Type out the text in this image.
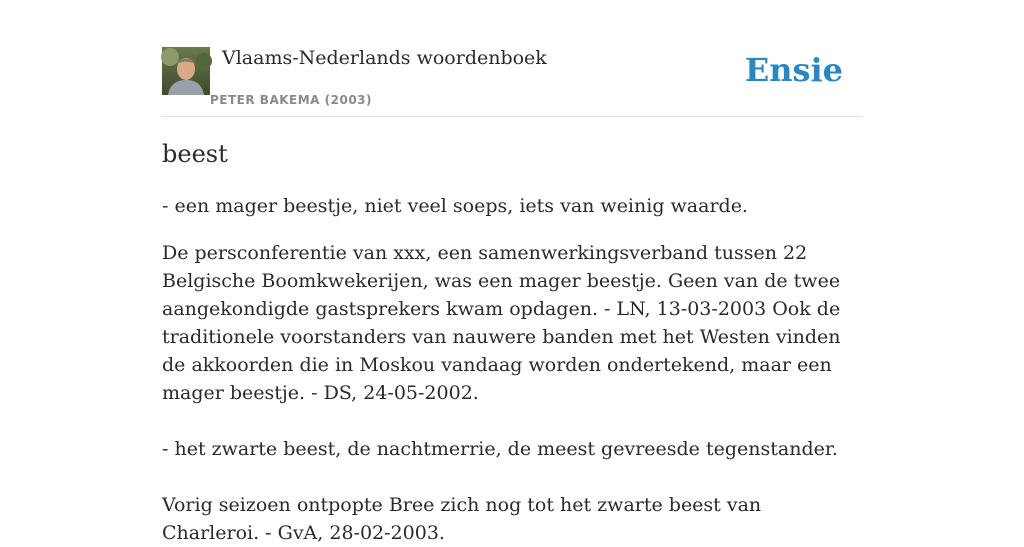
Vlaams-Nederlands woordenboek
PETER BAKEMA (2003)
Ensie
beest

- een mager beestje, niet veel soeps, iets van weinig waarde.

De persconferentie van xxx, een samenwerkingsverband tussen 22 Belgische Boomkwekerijen, was een mager beestje. Geen van de twee aangekondigde gastsprekers kwam opdagen. - LN, 13-03-2003 Ook de traditionele voorstanders van nauwere banden met het Westen vinden de akkoorden die in Moskou vandaag worden ondertekend, maar een mager beestje. - DS, 24-05-2002.

- het zwarte beest, de nachtmerrie, de meest gevreesde tegenstander.

Vorig seizoen ontpopte Bree zich nog tot het zwarte beest van Charleroi. - GvA, 28-02-2003.
